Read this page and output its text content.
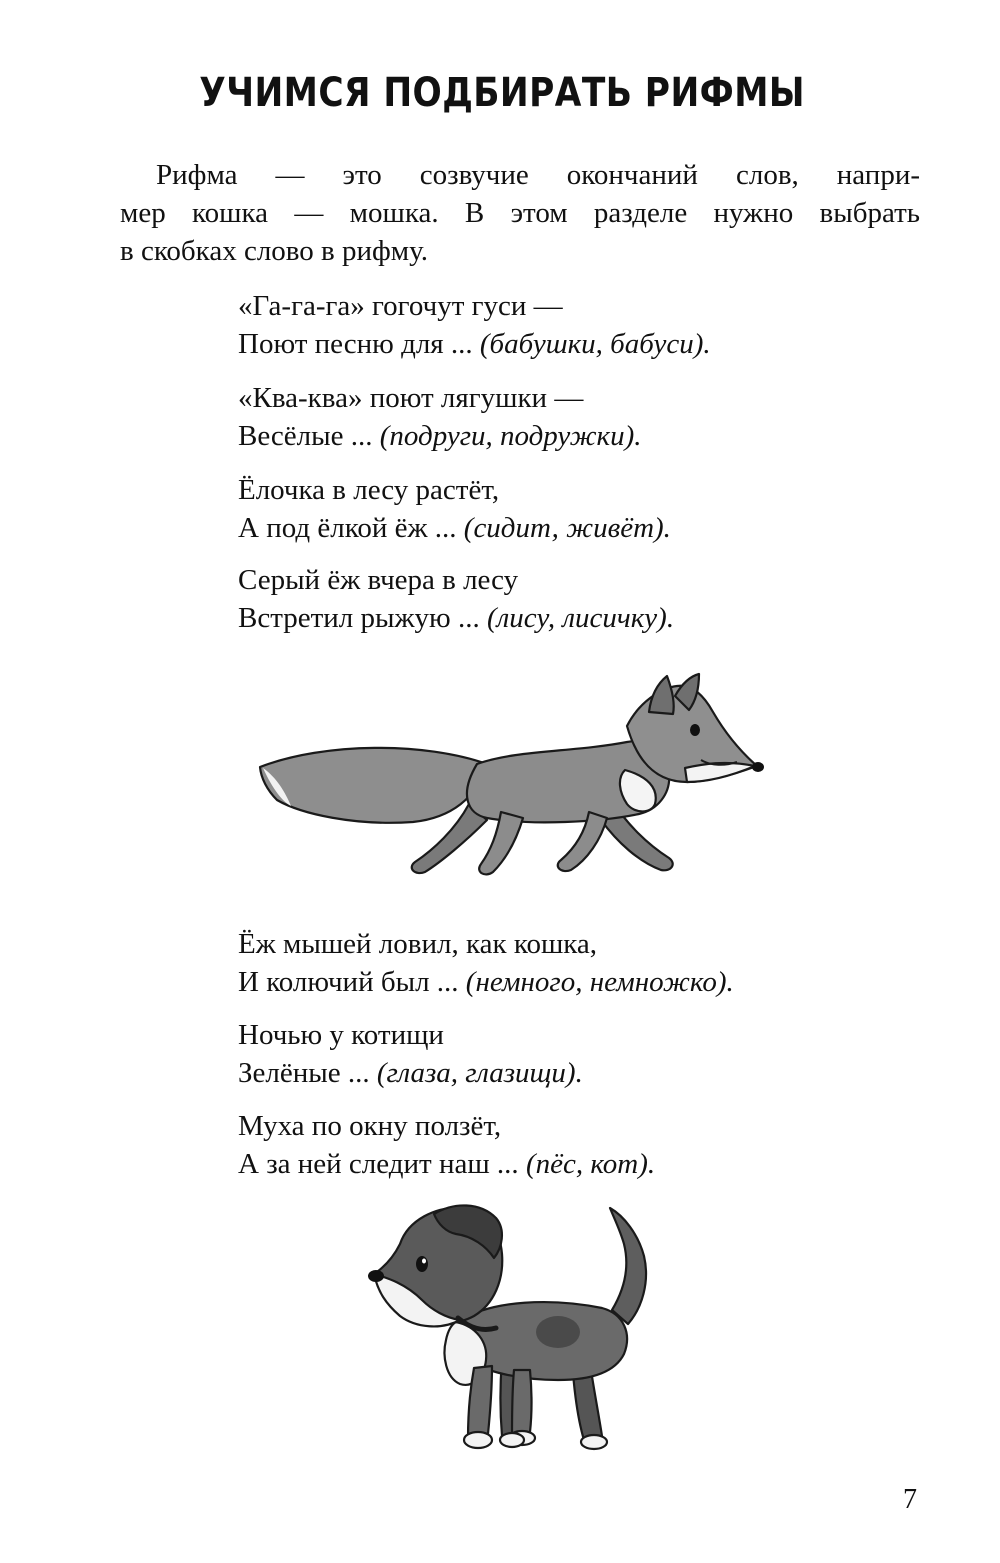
УЧИМСЯ ПОДБИРАТЬ РИФМЫ

Рифма — это созвучие окончаний слов, напри-
мер кошка — мошка. В этом разделе нужно выбрать
в скобках слово в рифму.

«Га-га-га» гогочут гуси —
Поют песню для ... (бабушки, бабуси).
«Ква-ква» поют лягушки —
Весёлые ... (подруги, подружки).
Ёлочка в лесу растёт,
А под ёлкой ёж ... (сидит, живёт).
Серый ёж вчера в лесу
Встретил рыжую ... (лису, лисичку).
Ёж мышей ловил, как кошка,
И колючий был ... (немного, немножко).
Ночью у котищи
Зелёные ... (глаза, глазищи).
Муха по окну ползёт,
А за ней следит наш ... (пёс, кот).
7
